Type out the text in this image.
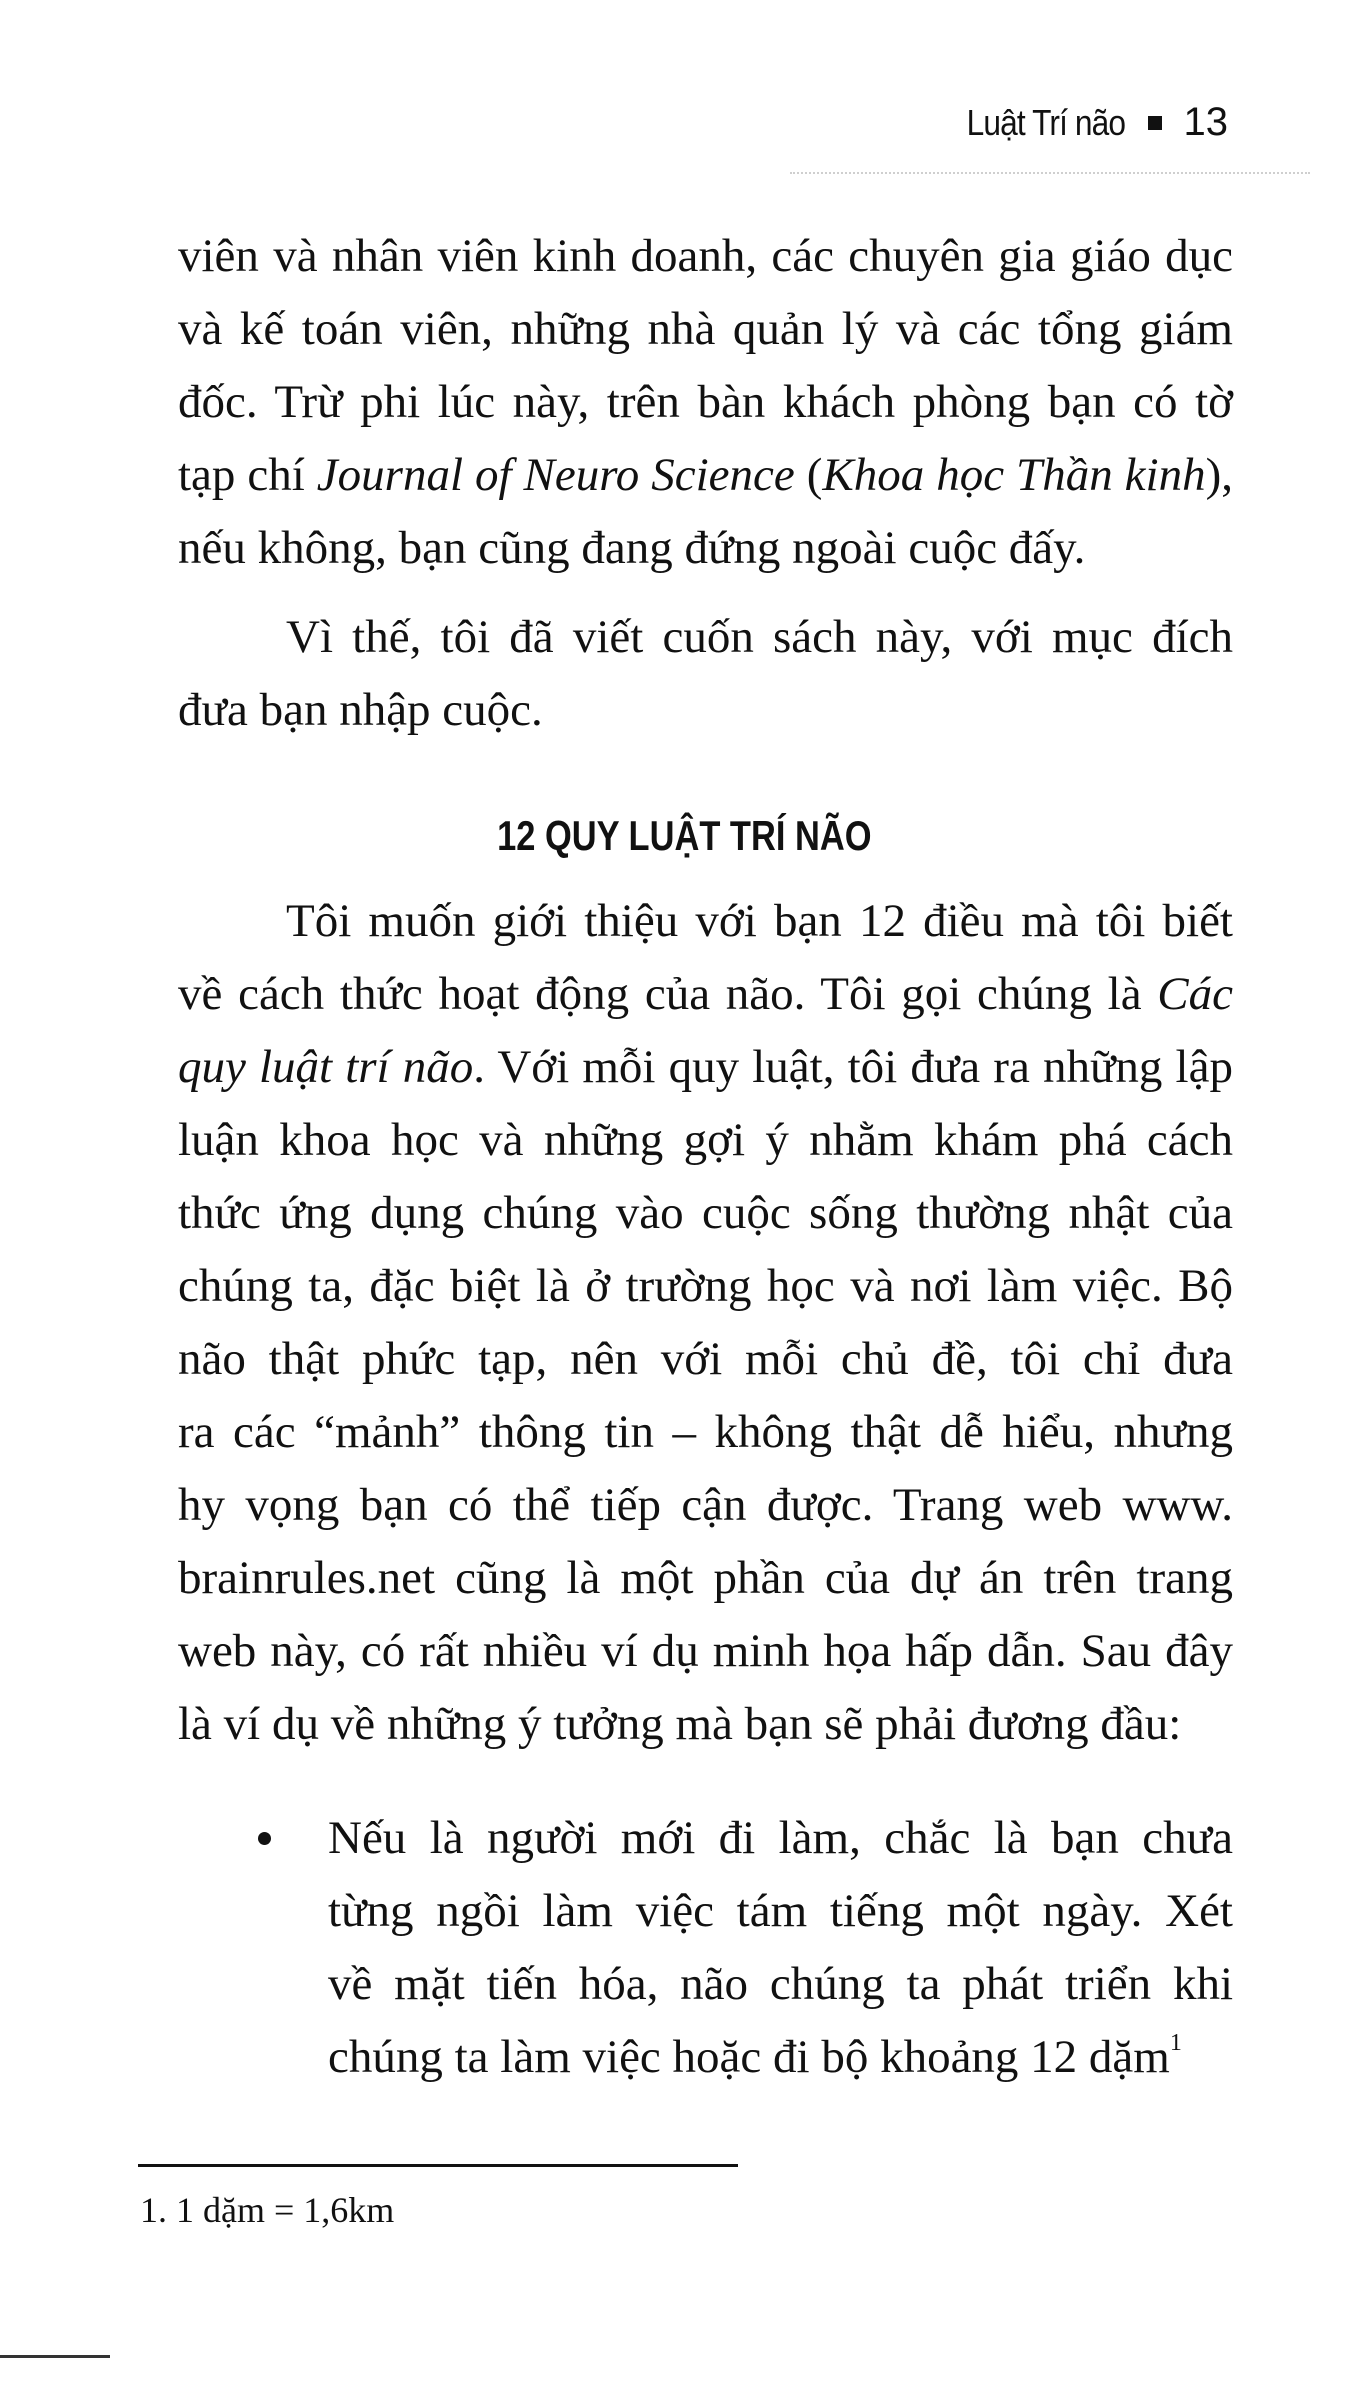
Luật Trí não 13
viên và nhân viên kinh doanh, các chuyên gia giáo dục
và kế toán viên, những nhà quản lý và các tổng giám
đốc. Trừ phi lúc này, trên bàn khách phòng bạn có tờ
tạp chí Journal of Neuro Science (Khoa học Thần kinh),
nếu không, bạn cũng đang đứng ngoài cuộc đấy.
Vì thế, tôi đã viết cuốn sách này, với mục đích
đưa bạn nhập cuộc.
12 QUY LUẬT TRÍ NÃO
Tôi muốn giới thiệu với bạn 12 điều mà tôi biết
về cách thức hoạt động của não. Tôi gọi chúng là Các
quy luật trí não. Với mỗi quy luật, tôi đưa ra những lập
luận khoa học và những gợi ý nhằm khám phá cách
thức ứng dụng chúng vào cuộc sống thường nhật của
chúng ta, đặc biệt là ở trường học và nơi làm việc. Bộ
não thật phức tạp, nên với mỗi chủ đề, tôi chỉ đưa
ra các “mảnh” thông tin – không thật dễ hiểu, nhưng
hy vọng bạn có thể tiếp cận được. Trang web www.
brainrules.net cũng là một phần của dự án trên trang
web này, có rất nhiều ví dụ minh họa hấp dẫn. Sau đây
là ví dụ về những ý tưởng mà bạn sẽ phải đương đầu:
Nếu là người mới đi làm, chắc là bạn chưa
từng ngồi làm việc tám tiếng một ngày. Xét
về mặt tiến hóa, não chúng ta phát triển khi
chúng ta làm việc hoặc đi bộ khoảng 12 dặm$^1$
1. 1 dặm = 1,6km
